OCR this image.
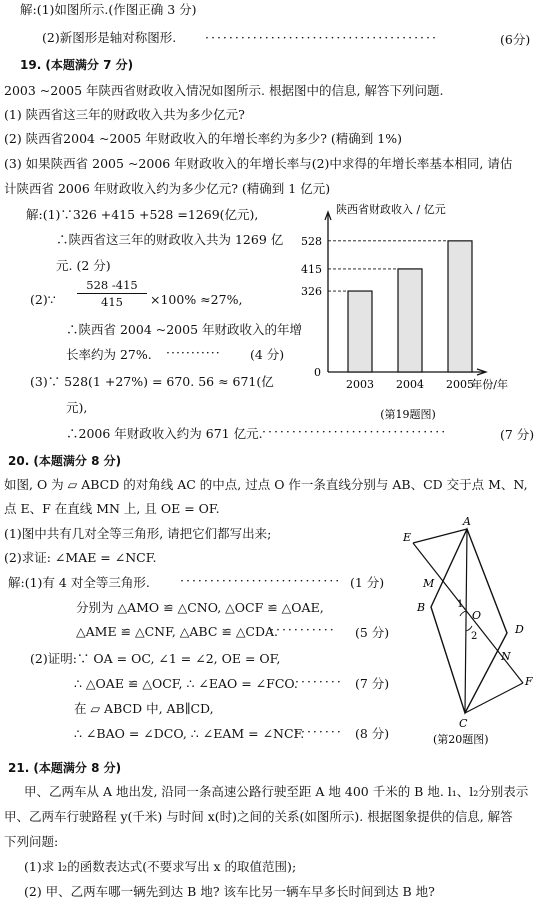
解:(1)如图所示.(作图正确 3 分)
(2)新图形是轴对称图形. ·······································	(6分)
19. (本题满分 7 分)
2003 ~2005 年陕西省财政收入情况如图所示. 根据图中的信息, 解答下列问题.
(1) 陕西省这三年的财政收入共为多少亿元?
(2) 陕西省2004 ~2005 年财政收入的年增长率约为多少? (精确到 1%)
(3) 如果陕西省 2005 ~2006 年财政收入的年增长率与(2)中求得的年增长率基本相同, 请估
计陕西省 2006 年财政收入约为多少亿元? (精确到 1 亿元)
解:(1)∵326 +415 +528 =1269(亿元),
∴陕西省这三年的财政收入共为 1269 亿
元. (2 分)
(2)∵
528 -415
415	×100% ≈27%,
∴陕西省 2004 ~2005 年财政收入的年增
长率约为 27%. ··········· (4 分)
(3)∵ 528(1 +27%) = 670. 56 ≈ 671(亿
元),
∴2006 年财政收入约为 671 亿元. ·······························	(7 分)
陕西省财政收入 / 亿元
0
2003
326
2004
415
2005
528
年份/年
(第19题图)
20. (本题满分 8 分)
如图, O 为 ▱ ABCD 的对角线 AC 的中点, 过点 O 作一条直线分别与 AB、CD 交于点 M、N,
点 E、F 在直线 MN 上, 且 OE = OF.
(1)图中共有几对全等三角形, 请把它们都写出来;
(2)求证: ∠MAE = ∠NCF.
解:(1)有 4 对全等三角形. ··························· (1 分)
分别为 △AMO ≌ △CNO, △OCF ≌ △OAE,
△AME ≌ △CNF, △ABC ≌ △CDA.
··········· (5 分)
(2)证明:∵ OA = OC, ∠1 = ∠2, OE = OF,
∴ △OAE ≌ △OCF, ∴ ∠EAO = ∠FCO.
········ (7 分)
在 ▱ ABCD 中, AB∥CD,
∴ ∠BAO = ∠DCO, ∴ ∠EAM = ∠NCF.
········ (8 分)
A
E
M
B	1
O
2
D
N
F
C
(第20题图)
21. (本题满分 8 分)
甲、乙两车从 A 地出发, 沿同一条高速公路行驶至距 A 地 400 千米的 B 地. l₁、l₂分别表示
甲、乙两车行驶路程 y(千米) 与时间 x(时)之间的关系(如图所示). 根据图象提供的信息, 解答
下列问题:
(1)求 l₂的函数表达式(不要求写出 x 的取值范围);
(2) 甲、乙两车哪一辆先到达 B 地? 该车比另一辆车早多长时间到达 B 地?
